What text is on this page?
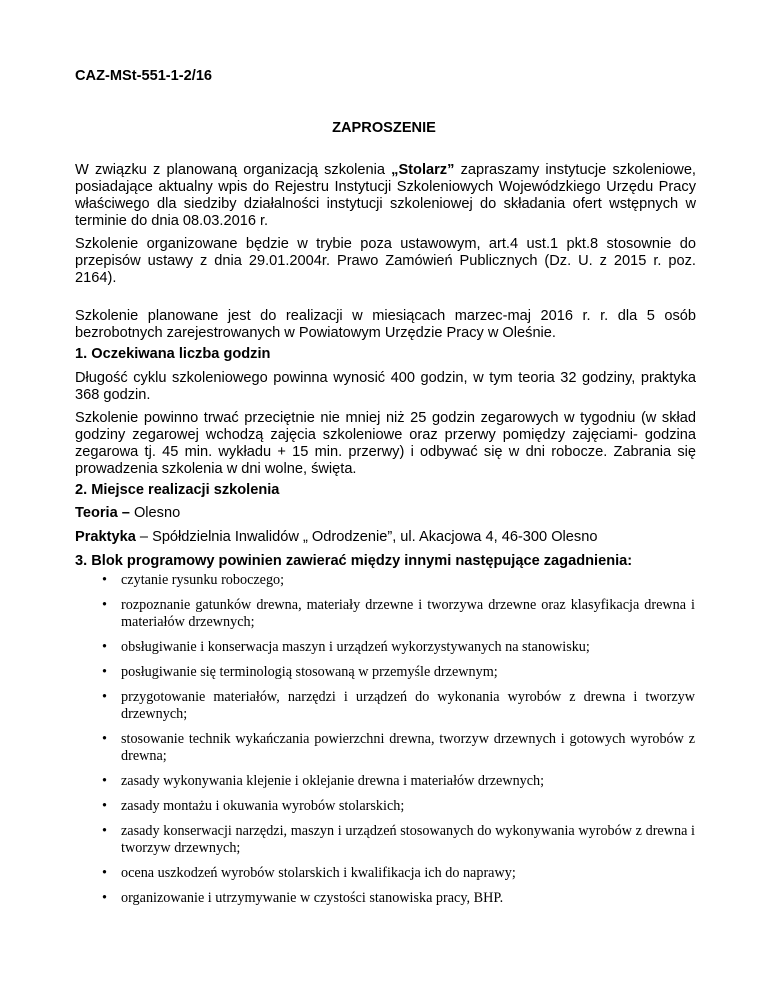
CAZ-MSt-551-1-2/16
ZAPROSZENIE
W związku z planowaną organizacją szkolenia „Stolarz” zapraszamy instytucje szkoleniowe, posiadające aktualny wpis do Rejestru Instytucji Szkoleniowych Wojewódzkiego Urzędu Pracy właściwego dla siedziby działalności instytucji szkoleniowej do składania ofert wstępnych w terminie do dnia 08.03.2016 r.
Szkolenie organizowane będzie w trybie poza ustawowym, art.4 ust.1 pkt.8 stosownie do przepisów ustawy z dnia 29.01.2004r. Prawo Zamówień Publicznych (Dz. U. z 2015 r. poz. 2164).
Szkolenie planowane jest do realizacji w miesiącach marzec-maj 2016 r. r. dla 5 osób bezrobotnych zarejestrowanych w Powiatowym Urzędzie Pracy w Oleśnie.
1. Oczekiwana liczba godzin
Długość cyklu szkoleniowego powinna wynosić 400 godzin, w tym teoria 32 godziny, praktyka 368 godzin.
Szkolenie powinno trwać przeciętnie nie mniej niż 25 godzin zegarowych w tygodniu (w skład godziny zegarowej wchodzą zajęcia szkoleniowe oraz przerwy pomiędzy zajęciami- godzina zegarowa tj. 45 min. wykładu + 15 min. przerwy) i odbywać się w dni robocze. Zabrania się prowadzenia szkolenia w dni wolne, święta.
2. Miejsce realizacji szkolenia
Teoria – Olesno
Praktyka – Spółdzielnia Inwalidów „ Odrodzenie”, ul. Akacjowa 4, 46-300 Olesno
3. Blok programowy powinien zawierać między innymi następujące zagadnienia:
• czytanie rysunku roboczego;
• rozpoznanie gatunków drewna, materiały drzewne i tworzywa drzewne oraz klasyfikacja drewna i materiałów drzewnych;
• obsługiwanie i konserwacja maszyn i urządzeń wykorzystywanych na stanowisku;
• posługiwanie się terminologią stosowaną w przemyśle drzewnym;
• przygotowanie materiałów, narzędzi i urządzeń do wykonania wyrobów z drewna i tworzyw drzewnych;
• stosowanie technik wykańczania powierzchni drewna, tworzyw drzewnych i gotowych wyrobów z drewna;
• zasady wykonywania klejenie i oklejanie drewna i materiałów drzewnych;
• zasady montażu i okuwania wyrobów stolarskich;
• zasady konserwacji narzędzi, maszyn i urządzeń stosowanych do wykonywania wyrobów z drewna i tworzyw drzewnych;
• ocena uszkodzeń wyrobów stolarskich i kwalifikacja ich do naprawy;
• organizowanie i utrzymywanie w czystości stanowiska pracy, BHP.
